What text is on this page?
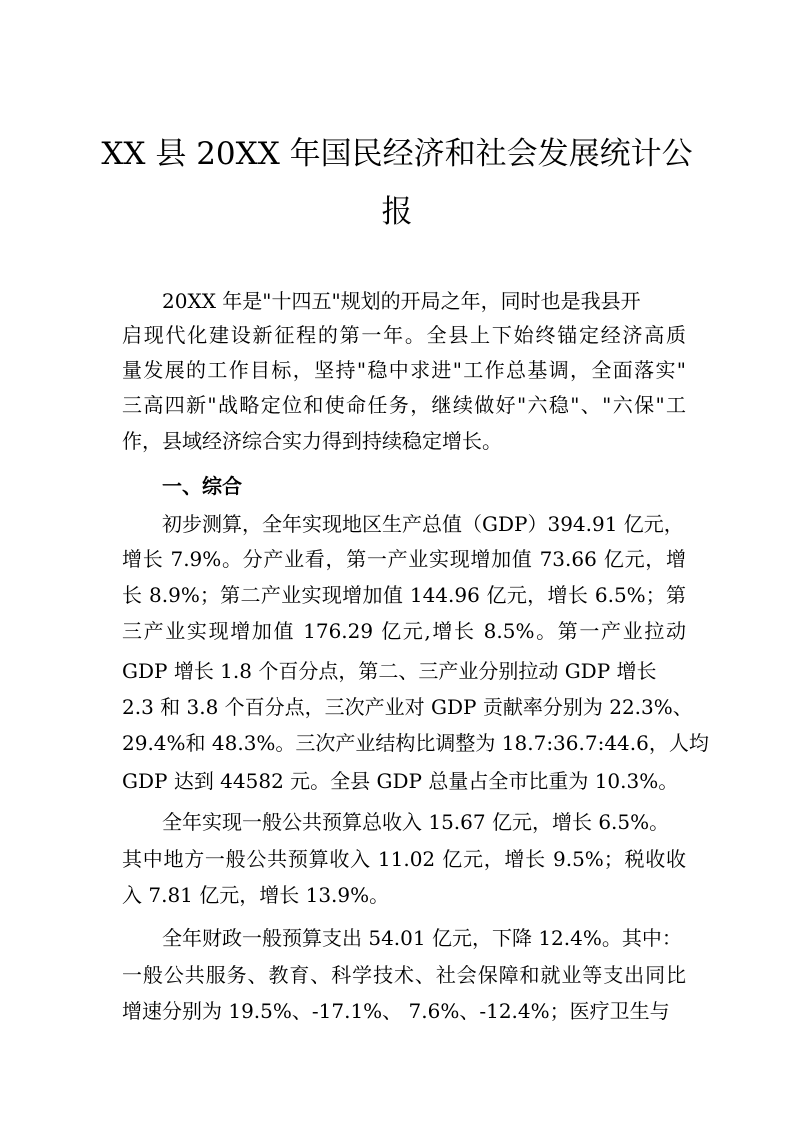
XX 县 20XX 年国民经济和社会发展统计公
报
20XX 年是"十四五"规划的开局之年，同时也是我县开
启现代化建设新征程的第一年。全县上下始终锚定经济高质
量发展的工作目标，坚持"稳中求进"工作总基调，全面落实"
三高四新"战略定位和使命任务，继续做好"六稳"、"六保"工
作，县域经济综合实力得到持续稳定增长。
一、综合
初步测算，全年实现地区生产总值（GDP）394.91 亿元，
增长 7.9%。分产业看，第一产业实现增加值 73.66 亿元，增
长 8.9%；第二产业实现增加值 144.96 亿元，增长 6.5%；第
三产业实现增加值 176.29 亿元,增长 8.5%。第一产业拉动
GDP 增长 1.8 个百分点，第二、三产业分别拉动 GDP 增长
2.3 和 3.8 个百分点，三次产业对 GDP 贡献率分别为 22.3%、
29.4%和 48.3%。三次产业结构比调整为 18.7:36.7:44.6，人均
GDP 达到 44582 元。全县 GDP 总量占全市比重为 10.3%。
全年实现一般公共预算总收入 15.67 亿元，增长 6.5%。
其中地方一般公共预算收入 11.02 亿元，增长 9.5%；税收收
入 7.81 亿元，增长 13.9%。
全年财政一般预算支出 54.01 亿元，下降 12.4%。其中：
一般公共服务、教育、科学技术、社会保障和就业等支出同比
增速分别为 19.5%、-17.1%、 7.6%、-12.4%；医疗卫生与
